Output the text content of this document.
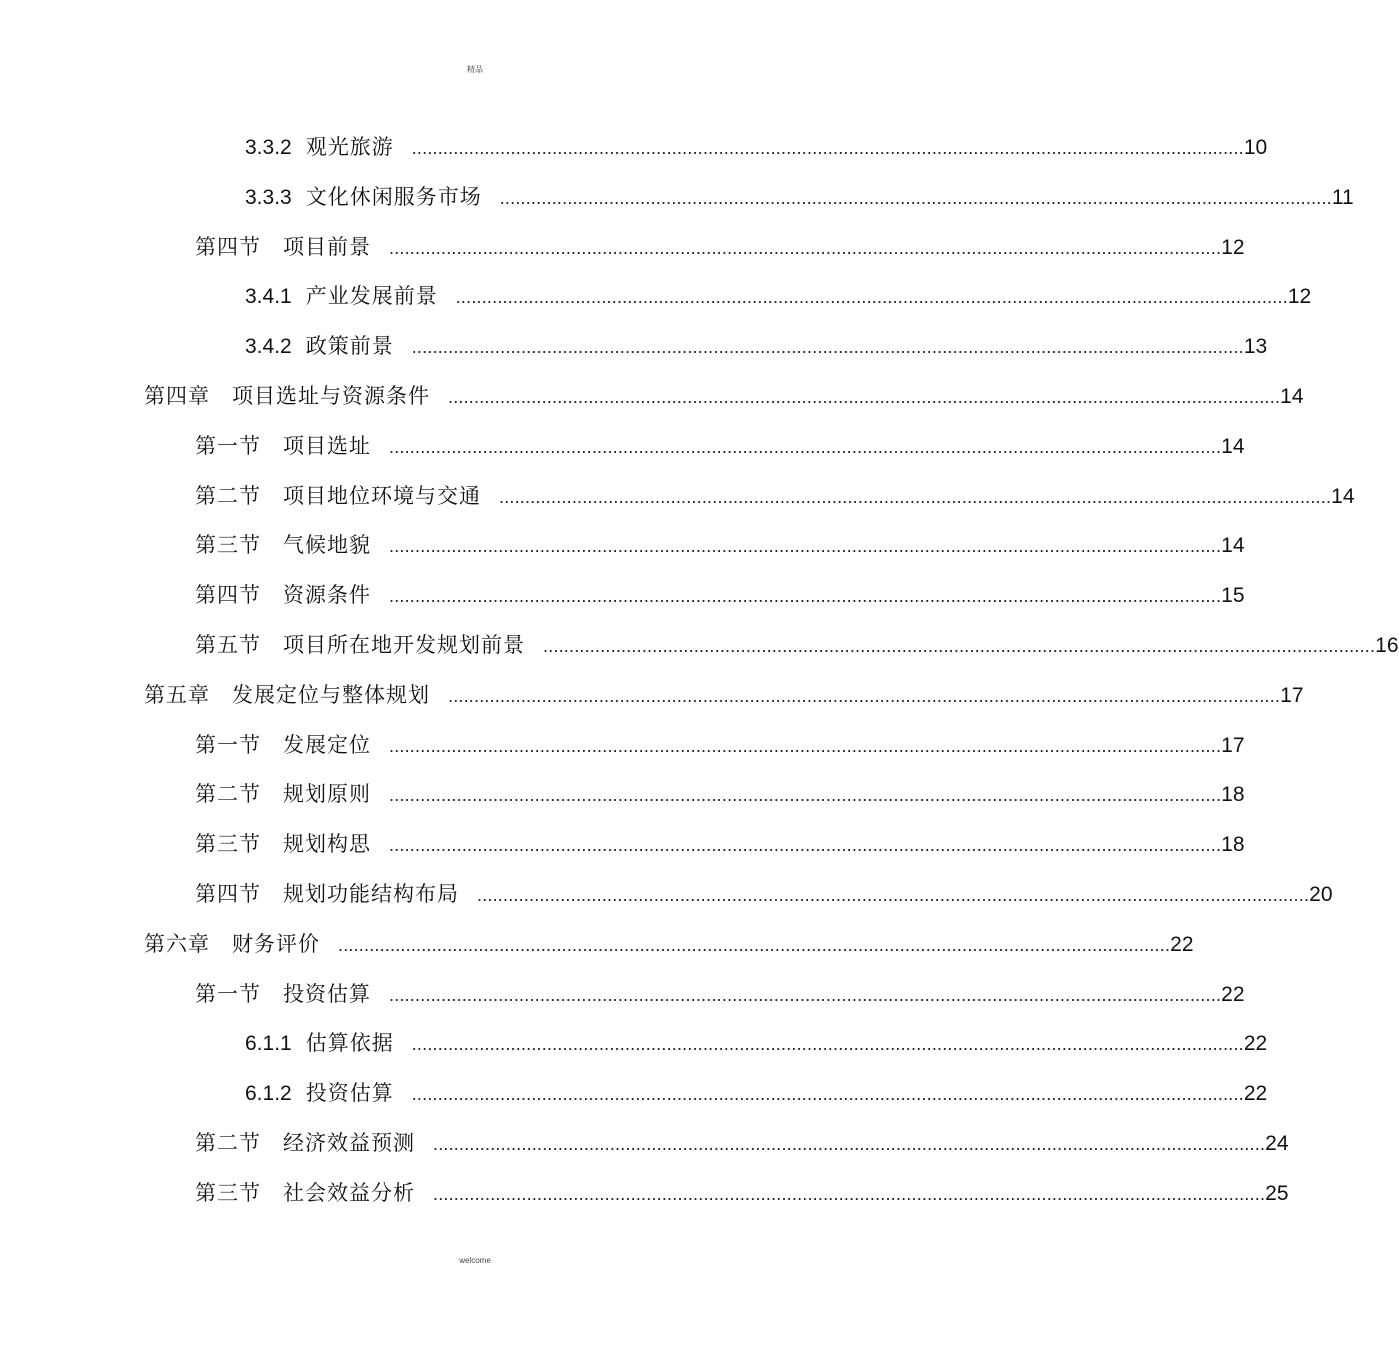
精品
3.3.2 观光旅游 ................................................................................................................................................................ 10
3.3.3 文化休闲服务市场 ................................................................................................................................................................ 11
第四节　项目前景 ................................................................................................................................................................ 12
3.4.1 产业发展前景 ................................................................................................................................................................ 12
3.4.2 政策前景 ................................................................................................................................................................ 13
第四章　项目选址与资源条件 ................................................................................................................................................................ 14
第一节　项目选址 ................................................................................................................................................................ 14
第二节　项目地位环境与交通 ................................................................................................................................................................ 14
第三节　气候地貌 ................................................................................................................................................................ 14
第四节　资源条件 ................................................................................................................................................................ 15
第五节　项目所在地开发规划前景 ................................................................................................................................................................ 16
第五章　发展定位与整体规划 ................................................................................................................................................................ 17
第一节　发展定位 ................................................................................................................................................................ 17
第二节　规划原则 ................................................................................................................................................................ 18
第三节　规划构思 ................................................................................................................................................................ 18
第四节　规划功能结构布局 ................................................................................................................................................................ 20
第六章　财务评价 ................................................................................................................................................................ 22
第一节　投资估算 ................................................................................................................................................................ 22
6.1.1 估算依据 ................................................................................................................................................................ 22
6.1.2 投资估算 ................................................................................................................................................................ 22
第二节　经济效益预测 ................................................................................................................................................................ 24
第三节　社会效益分析 ................................................................................................................................................................ 25
welcome
